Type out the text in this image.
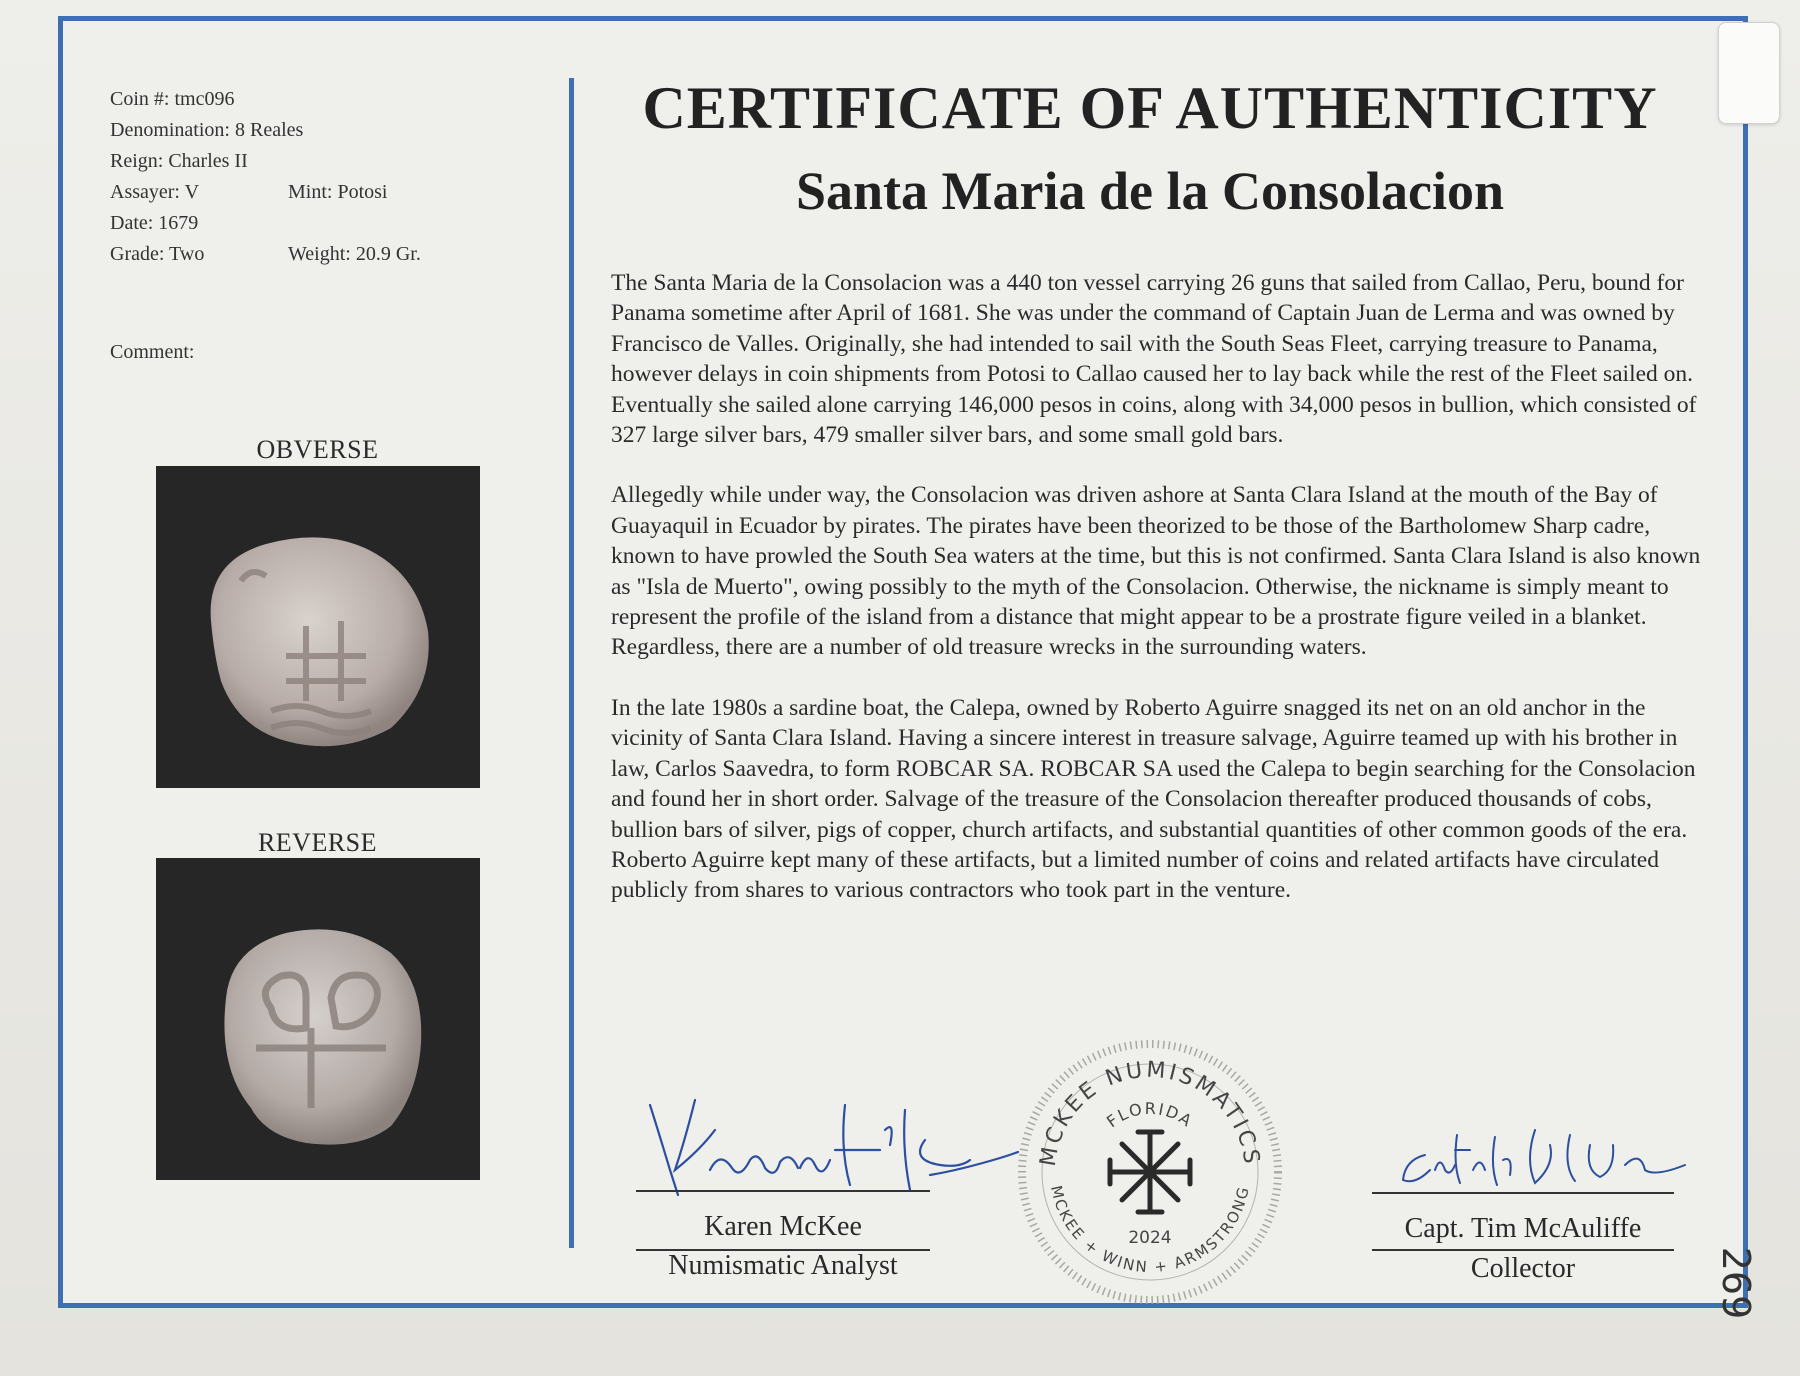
Coin #: tmc096
Denomination: 8 Reales
Reign: Charles II
Assayer: V	Mint: Potosi
Date: 1679
Grade: Two	Weight: 20.9 Gr.
Comment:
OBVERSE
REVERSE
CERTIFICATE OF AUTHENTICITY
Santa Maria de la Consolacion

The Santa Maria de la Consolacion was a 440 ton vessel carrying 26 guns that sailed from Callao, Peru, bound for Panama sometime after April of 1681. She was under the command of Captain Juan de Lerma and was owned by Francisco de Valles. Originally, she had intended to sail with the South Seas Fleet, carrying treasure to Panama, however delays in coin shipments from Potosi to Callao caused her to lay back while the rest of the Fleet sailed on. Eventually she sailed alone carrying 146,000 pesos in coins, along with 34,000 pesos in bullion, which consisted of 327 large silver bars, 479 smaller silver bars, and some small gold bars.

Allegedly while under way, the Consolacion was driven ashore at Santa Clara Island at the mouth of the Bay of Guayaquil in Ecuador by pirates. The pirates have been theorized to be those of the Bartholomew Sharp cadre, known to have prowled the South Sea waters at the time, but this is not confirmed. Santa Clara Island is also known as "Isla de Muerto", owing possibly to the myth of the Consolacion. Otherwise, the nickname is simply meant to represent the profile of the island from a distance that might appear to be a prostrate figure veiled in a blanket. Regardless, there are a number of old treasure wrecks in the surrounding waters.

In the late 1980s a sardine boat, the Calepa, owned by Roberto Aguirre snagged its net on an old anchor in the vicinity of Santa Clara Island. Having a sincere interest in treasure salvage, Aguirre teamed up with his brother in law, Carlos Saavedra, to form ROBCAR SA. ROBCAR SA used the Calepa to begin searching for the Consolacion and found her in short order. Salvage of the treasure of the Consolacion thereafter produced thousands of cobs, bullion bars of silver, pigs of copper, church artifacts, and substantial quantities of other common goods of the era. Roberto Aguirre kept many of these artifacts, but a limited number of coins and related artifacts have circulated publicly from shares to various contractors who took part in the venture.

Karen McKee
Numismatic Analyst
MCKEE NUMISMATICS
FLORIDA
MCKEE + WINN + ARMSTRONG
2024	Capt. Tim McAuliffe
Collector	269
